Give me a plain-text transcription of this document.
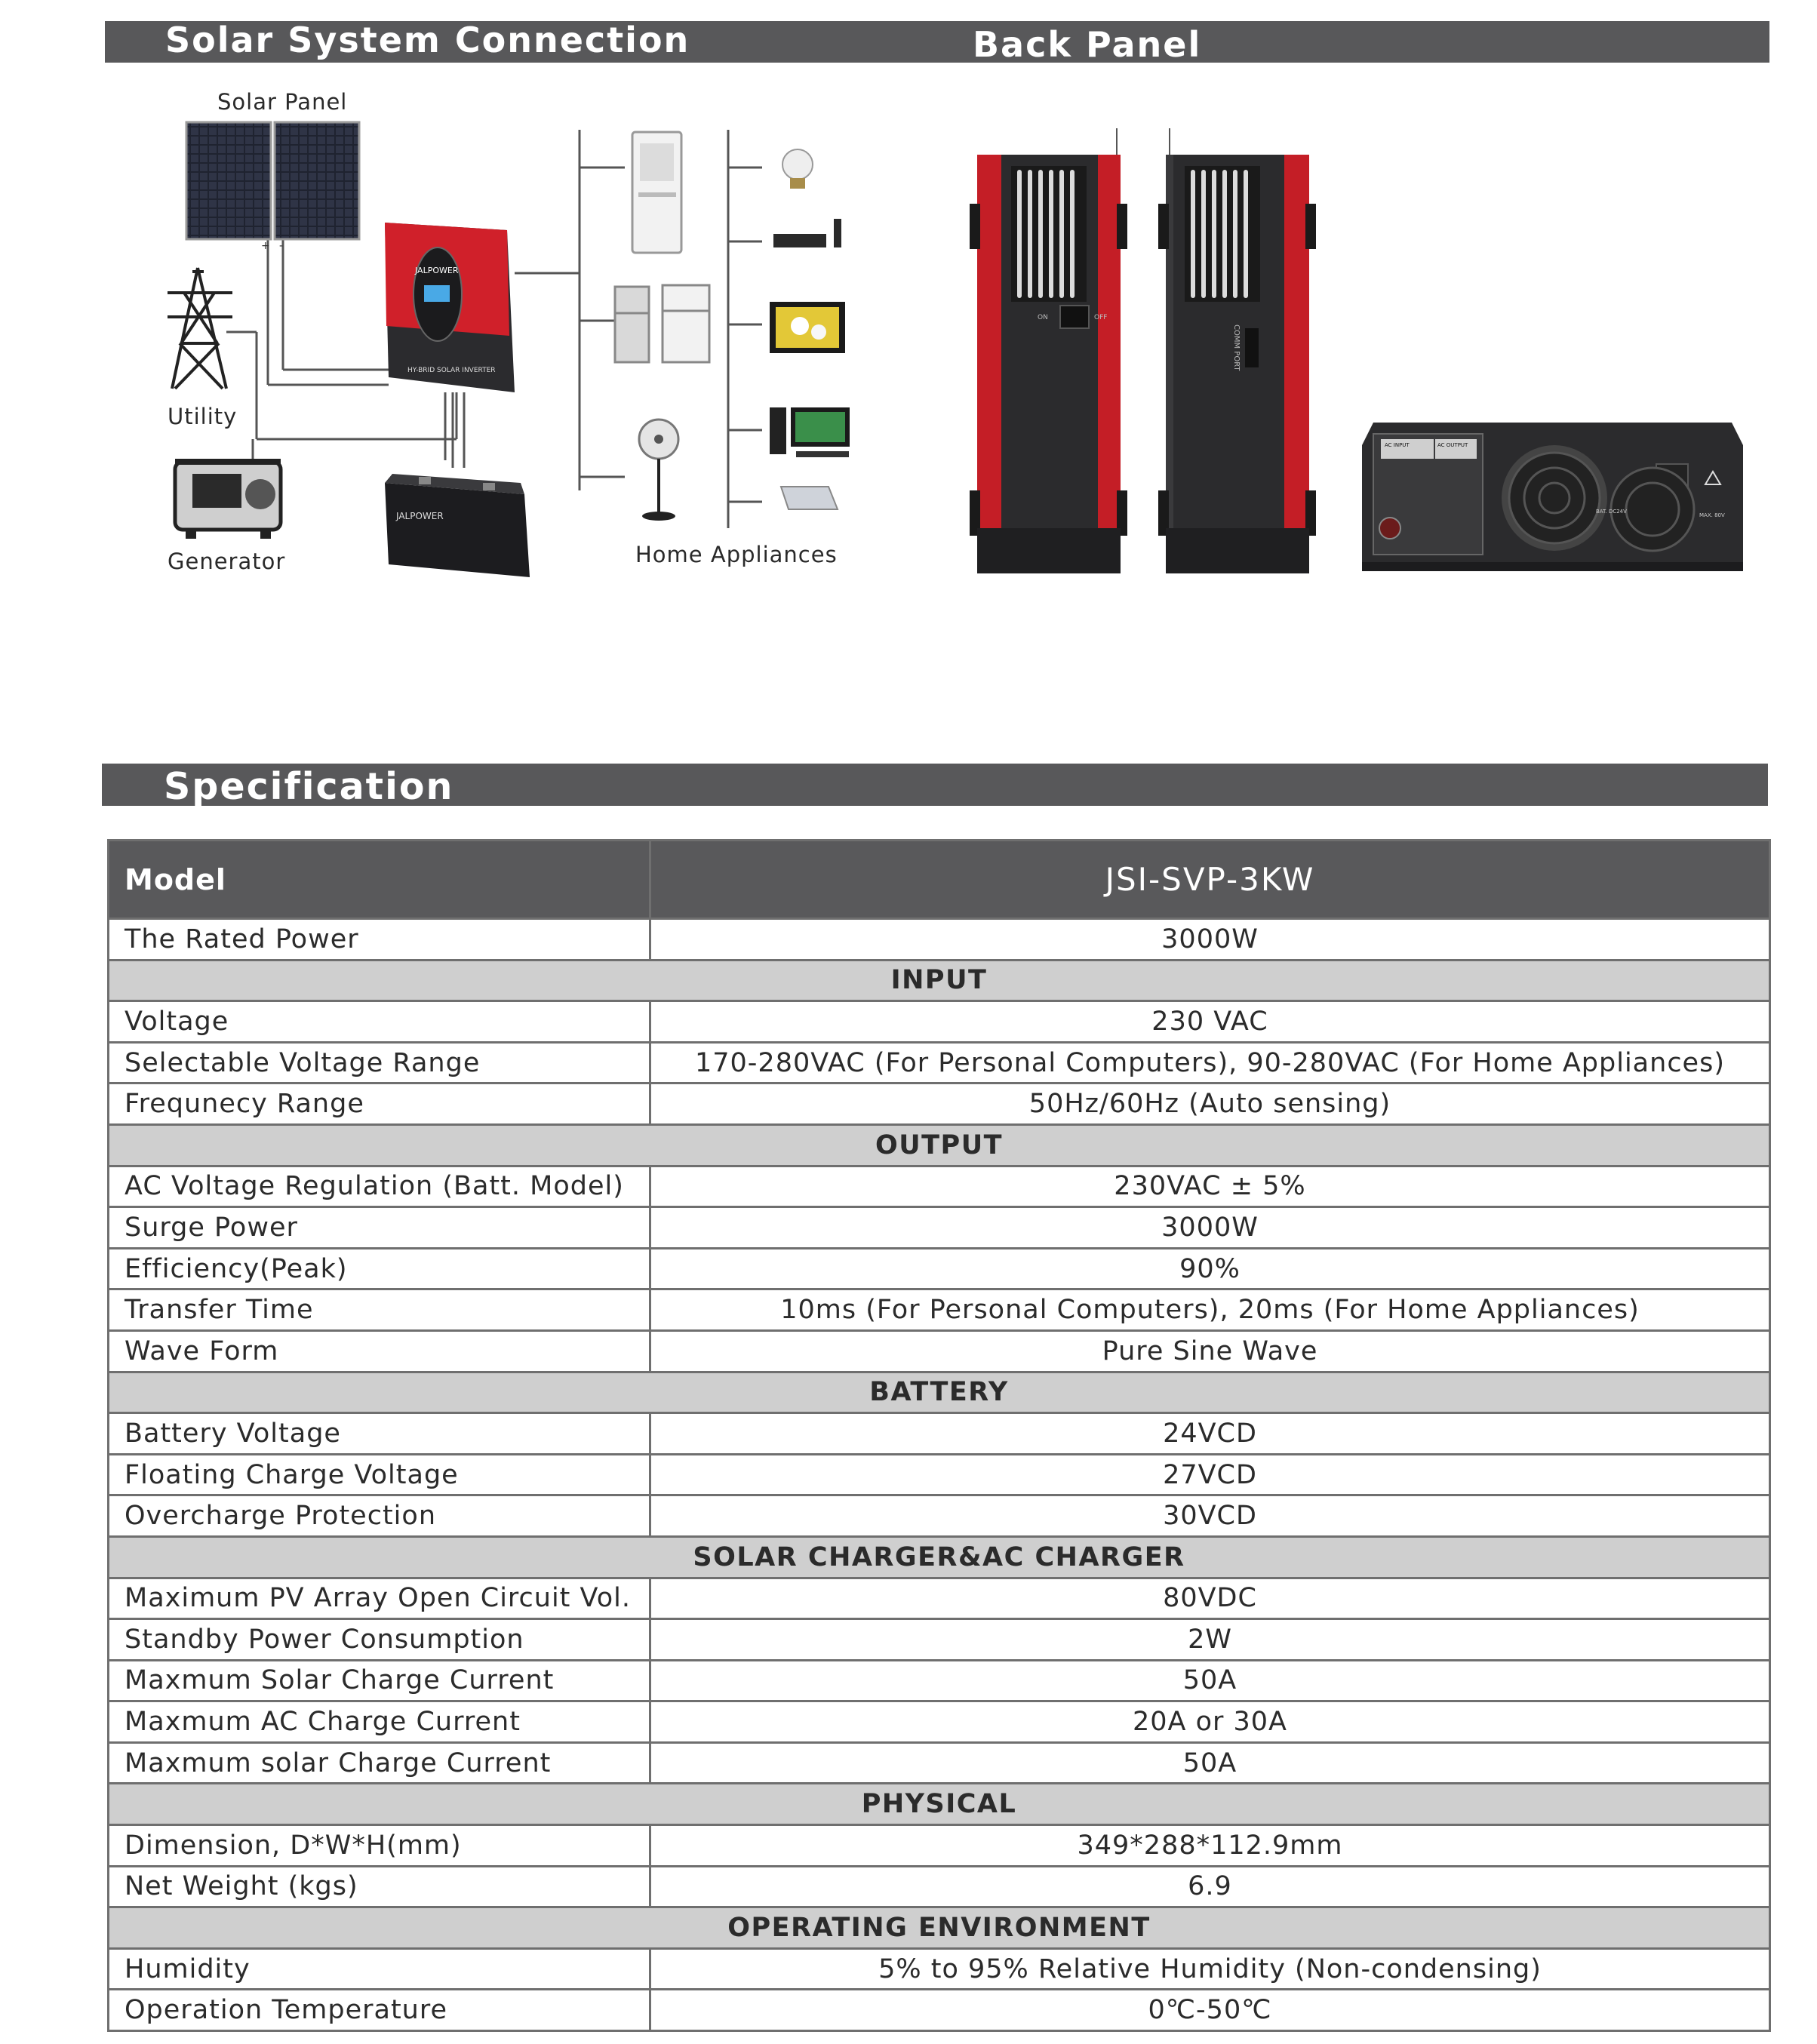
Solar System Connection	Back Panel
Solar Panel
Utility
Generator	Home Appliances
+ -
JALPOWER
HY-BRID SOLAR INVERTER
JALPOWER
ON	OFF
COMM PORT
AC INPUT	AC OUTPUT
BAT. DC24V
MAX. 80V
Specification
Model	JSI-SVP-3KW
The Rated Power	3000W
INPUT	
Voltage	230 VAC
Selectable Voltage Range	170-280VAC (For Personal Computers), 90-280VAC (For Home Appliances)
Frequnecy Range	50Hz/60Hz (Auto sensing)
OUTPUT	
AC Voltage Regulation (Batt. Model)	230VAC ± 5%
Surge Power	3000W
Efficiency(Peak)	90%
Transfer Time	10ms (For Personal Computers), 20ms (For Home Appliances)
Wave Form	Pure Sine Wave
BATTERY	
Battery Voltage	24VCD
Floating Charge Voltage	27VCD
Overcharge Protection	30VCD
SOLAR CHARGER&AC CHARGER	
Maximum PV Array Open Circuit Vol.	80VDC
Standby Power Consumption	2W
Maxmum Solar Charge Current	50A
Maxmum AC Charge Current	20A or 30A
Maxmum solar Charge Current	50A
PHYSICAL	
Dimension, D*W*H(mm)	349*288*112.9mm
Net Weight (kgs)	6.9
OPERATING ENVIRONMENT	
Humidity	5% to 95% Relative Humidity (Non-condensing)
Operation Temperature	0℃-50℃
